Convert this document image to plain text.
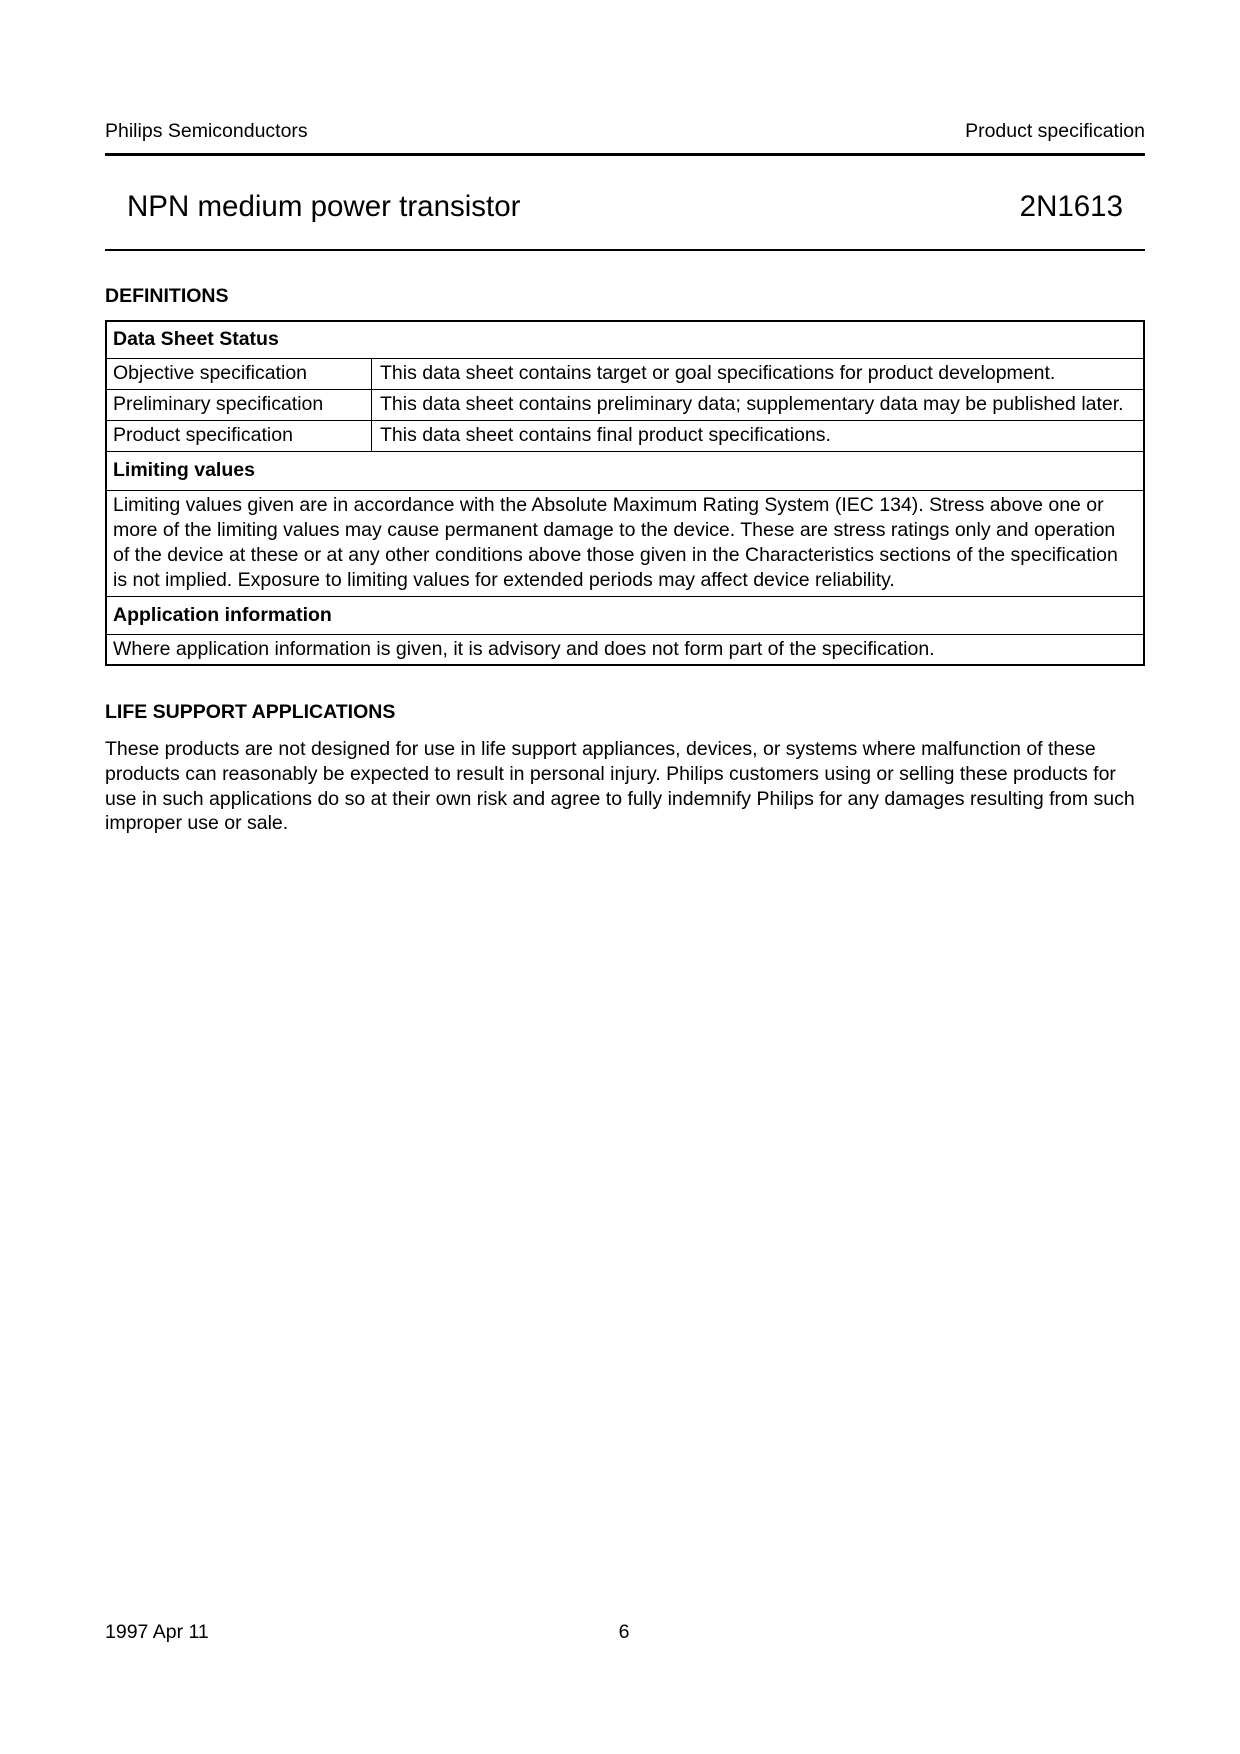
Philips Semiconductors	Product specification
NPN medium power transistor	2N1613
DEFINITIONS
Data Sheet Status
Objective specification	This data sheet contains target or goal specifications for product development.
Preliminary specification	This data sheet contains preliminary data; supplementary data may be published later.
Product specification	This data sheet contains final product specifications.
Limiting values
Limiting values given are in accordance with the Absolute Maximum Rating System (IEC 134). Stress above one or
more of the limiting values may cause permanent damage to the device. These are stress ratings only and operation
of the device at these or at any other conditions above those given in the Characteristics sections of the specification
is not implied. Exposure to limiting values for extended periods may affect device reliability.
Application information
Where application information is given, it is advisory and does not form part of the specification.
LIFE SUPPORT APPLICATIONS
These products are not designed for use in life support appliances, devices, or systems where malfunction of these
products can reasonably be expected to result in personal injury. Philips customers using or selling these products for
use in such applications do so at their own risk and agree to fully indemnify Philips for any damages resulting from such
improper use or sale.
1997 Apr 11	6
